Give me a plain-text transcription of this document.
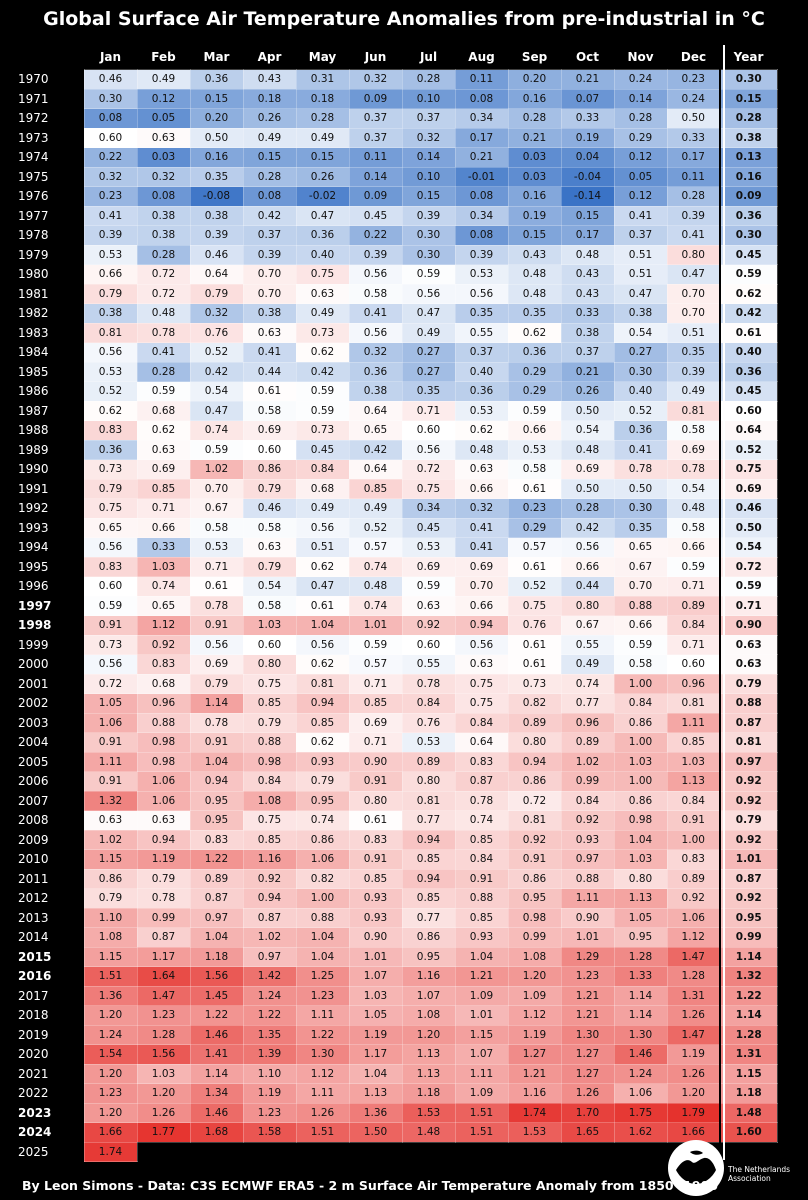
Global Surface Air Temperature Anomalies from pre-industrial in °C
	Jan	Feb	Mar	Apr	May	Jun	Jul	Aug	Sep	Oct	Nov	Dec	Year
1970	0.46	0.49	0.36	0.43	0.31	0.32	0.28	0.11	0.20	0.21	0.24	0.23	0.30
1971	0.30	0.12	0.15	0.18	0.18	0.09	0.10	0.08	0.16	0.07	0.14	0.24	0.15
1972	0.08	0.05	0.20	0.26	0.28	0.37	0.37	0.34	0.28	0.33	0.28	0.50	0.28
1973	0.60	0.63	0.50	0.49	0.49	0.37	0.32	0.17	0.21	0.19	0.29	0.33	0.38
1974	0.22	0.03	0.16	0.15	0.15	0.11	0.14	0.21	0.03	0.04	0.12	0.17	0.13
1975	0.32	0.32	0.35	0.28	0.26	0.14	0.10	-0.01	0.03	-0.04	0.05	0.11	0.16
1976	0.23	0.08	-0.08	0.08	-0.02	0.09	0.15	0.08	0.16	-0.14	0.12	0.28	0.09
1977	0.41	0.38	0.38	0.42	0.47	0.45	0.39	0.34	0.19	0.15	0.41	0.39	0.36
1978	0.39	0.38	0.39	0.37	0.36	0.22	0.30	0.08	0.15	0.17	0.37	0.41	0.30
1979	0.53	0.28	0.46	0.39	0.40	0.39	0.30	0.39	0.43	0.48	0.51	0.80	0.45
1980	0.66	0.72	0.64	0.70	0.75	0.56	0.59	0.53	0.48	0.43	0.51	0.47	0.59
1981	0.79	0.72	0.79	0.70	0.63	0.58	0.56	0.56	0.48	0.43	0.47	0.70	0.62
1982	0.38	0.48	0.32	0.38	0.49	0.41	0.47	0.35	0.35	0.33	0.38	0.70	0.42
1983	0.81	0.78	0.76	0.63	0.73	0.56	0.49	0.55	0.62	0.38	0.54	0.51	0.61
1984	0.56	0.41	0.52	0.41	0.62	0.32	0.27	0.37	0.36	0.37	0.27	0.35	0.40
1985	0.53	0.28	0.42	0.44	0.42	0.36	0.27	0.40	0.29	0.21	0.30	0.39	0.36
1986	0.52	0.59	0.54	0.61	0.59	0.38	0.35	0.36	0.29	0.26	0.40	0.49	0.45
1987	0.62	0.68	0.47	0.58	0.59	0.64	0.71	0.53	0.59	0.50	0.52	0.81	0.60
1988	0.83	0.62	0.74	0.69	0.73	0.65	0.60	0.62	0.66	0.54	0.36	0.58	0.64
1989	0.36	0.63	0.59	0.60	0.45	0.42	0.56	0.48	0.53	0.48	0.41	0.69	0.52
1990	0.73	0.69	1.02	0.86	0.84	0.64	0.72	0.63	0.58	0.69	0.78	0.78	0.75
1991	0.79	0.85	0.70	0.79	0.68	0.85	0.75	0.66	0.61	0.50	0.50	0.54	0.69
1992	0.75	0.71	0.67	0.46	0.49	0.49	0.34	0.32	0.23	0.28	0.30	0.48	0.46
1993	0.65	0.66	0.58	0.58	0.56	0.52	0.45	0.41	0.29	0.42	0.35	0.58	0.50
1994	0.56	0.33	0.53	0.63	0.51	0.57	0.53	0.41	0.57	0.56	0.65	0.66	0.54
1995	0.83	1.03	0.71	0.79	0.62	0.74	0.69	0.69	0.61	0.66	0.67	0.59	0.72
1996	0.60	0.74	0.61	0.54	0.47	0.48	0.59	0.70	0.52	0.44	0.70	0.71	0.59
1997	0.59	0.65	0.78	0.58	0.61	0.74	0.63	0.66	0.75	0.80	0.88	0.89	0.71
1998	0.91	1.12	0.91	1.03	1.04	1.01	0.92	0.94	0.76	0.67	0.66	0.84	0.90
1999	0.73	0.92	0.56	0.60	0.56	0.59	0.60	0.56	0.61	0.55	0.59	0.71	0.63
2000	0.56	0.83	0.69	0.80	0.62	0.57	0.55	0.63	0.61	0.49	0.58	0.60	0.63
2001	0.72	0.68	0.79	0.75	0.81	0.71	0.78	0.75	0.73	0.74	1.00	0.96	0.79
2002	1.05	0.96	1.14	0.85	0.94	0.85	0.84	0.75	0.82	0.77	0.84	0.81	0.88
2003	1.06	0.88	0.78	0.79	0.85	0.69	0.76	0.84	0.89	0.96	0.86	1.11	0.87
2004	0.91	0.98	0.91	0.88	0.62	0.71	0.53	0.64	0.80	0.89	1.00	0.85	0.81
2005	1.11	0.98	1.04	0.98	0.93	0.90	0.89	0.83	0.94	1.02	1.03	1.03	0.97
2006	0.91	1.06	0.94	0.84	0.79	0.91	0.80	0.87	0.86	0.99	1.00	1.13	0.92
2007	1.32	1.06	0.95	1.08	0.95	0.80	0.81	0.78	0.72	0.84	0.86	0.84	0.92
2008	0.63	0.63	0.95	0.75	0.74	0.61	0.77	0.74	0.81	0.92	0.98	0.91	0.79
2009	1.02	0.94	0.83	0.85	0.86	0.83	0.94	0.85	0.92	0.93	1.04	1.00	0.92
2010	1.15	1.19	1.22	1.16	1.06	0.91	0.85	0.84	0.91	0.97	1.03	0.83	1.01
2011	0.86	0.79	0.89	0.92	0.82	0.85	0.94	0.91	0.86	0.88	0.80	0.89	0.87
2012	0.79	0.78	0.87	0.94	1.00	0.93	0.85	0.88	0.95	1.11	1.13	0.92	0.92
2013	1.10	0.99	0.97	0.87	0.88	0.93	0.77	0.85	0.98	0.90	1.05	1.06	0.95
2014	1.08	0.87	1.04	1.02	1.04	0.90	0.86	0.93	0.99	1.01	0.95	1.12	0.99
2015	1.15	1.17	1.18	0.97	1.04	1.01	0.95	1.04	1.08	1.29	1.28	1.47	1.14
2016	1.51	1.64	1.56	1.42	1.25	1.07	1.16	1.21	1.20	1.23	1.33	1.28	1.32
2017	1.36	1.47	1.45	1.24	1.23	1.03	1.07	1.09	1.09	1.21	1.14	1.31	1.22
2018	1.20	1.23	1.22	1.22	1.11	1.05	1.08	1.01	1.12	1.21	1.14	1.26	1.14
2019	1.24	1.28	1.46	1.35	1.22	1.19	1.20	1.15	1.19	1.30	1.30	1.47	1.28
2020	1.54	1.56	1.41	1.39	1.30	1.17	1.13	1.07	1.27	1.27	1.46	1.19	1.31
2021	1.20	1.03	1.14	1.10	1.12	1.04	1.13	1.11	1.21	1.27	1.24	1.26	1.15
2022	1.23	1.20	1.34	1.19	1.11	1.13	1.18	1.09	1.16	1.26	1.06	1.20	1.18
2023	1.20	1.26	1.46	1.23	1.26	1.36	1.53	1.51	1.74	1.70	1.75	1.79	1.48
2024	1.66	1.77	1.68	1.58	1.51	1.50	1.48	1.51	1.53	1.65	1.62	1.66	1.60
2025	1.74												
The Netherlands
Association
By Leon Simons - Data: C3S ECMWF ERA5 - 2 m Surface Air Temperature Anomaly from 1850 -1900
